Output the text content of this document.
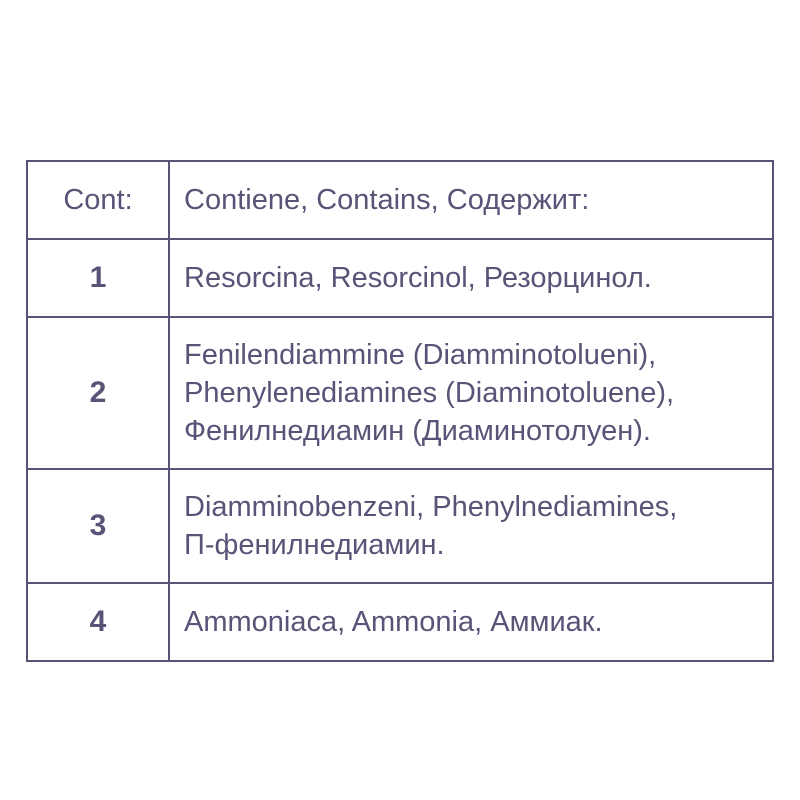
Cont:	Contiene, Contains, Содержит:

1	Resorcina, Resorcinol, Резорцинол.

2	Fenilendiammine (Diamminotolueni),
Phenylenediamines (Diaminotoluene),
Фенилнедиамин (Диаминотолуен).

3	Diamminobenzeni, Phenylnediamines,
П-фенилнедиамин.

4	Ammoniaca, Ammonia, Аммиак.
